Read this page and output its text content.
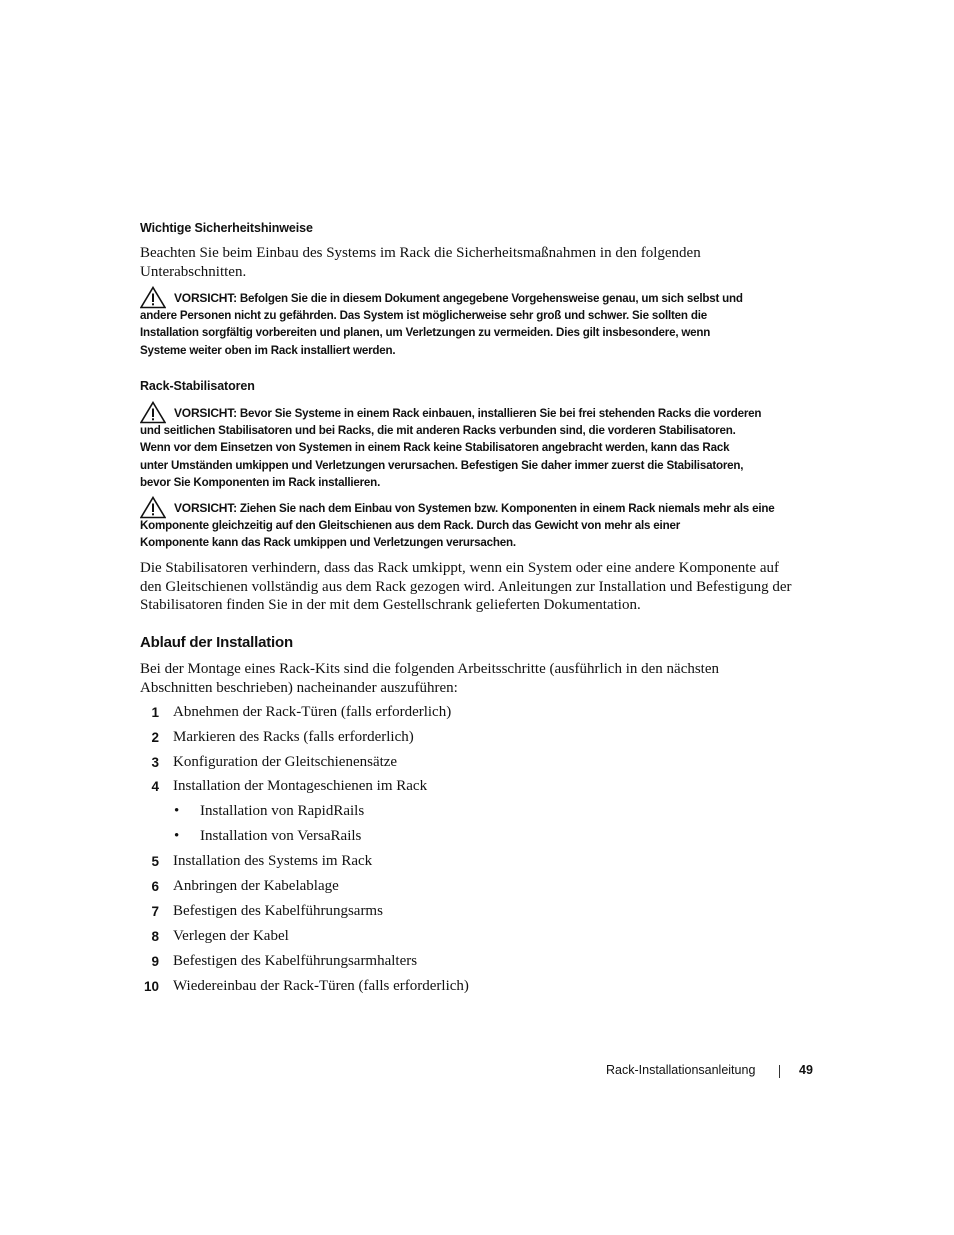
Wichtige Sicherheitshinweise
Beachten Sie beim Einbau des Systems im Rack die Sicherheitsmaßnahmen in den folgenden Unterabschnitten.
VORSICHT: Befolgen Sie die in diesem Dokument angegebene Vorgehensweise genau, um sich selbst und
andere Personen nicht zu gefährden. Das System ist möglicherweise sehr groß und schwer. Sie sollten die
Installation sorgfältig vorbereiten und planen, um Verletzungen zu vermeiden. Dies gilt insbesondere, wenn
Systeme weiter oben im Rack installiert werden.
Rack-Stabilisatoren
VORSICHT: Bevor Sie Systeme in einem Rack einbauen, installieren Sie bei frei stehenden Racks die vorderen
und seitlichen Stabilisatoren und bei Racks, die mit anderen Racks verbunden sind, die vorderen Stabilisatoren.
Wenn vor dem Einsetzen von Systemen in einem Rack keine Stabilisatoren angebracht werden, kann das Rack
unter Umständen umkippen und Verletzungen verursachen. Befestigen Sie daher immer zuerst die Stabilisatoren,
bevor Sie Komponenten im Rack installieren.
VORSICHT: Ziehen Sie nach dem Einbau von Systemen bzw. Komponenten in einem Rack niemals mehr als eine
Komponente gleichzeitig auf den Gleitschienen aus dem Rack. Durch das Gewicht von mehr als einer
Komponente kann das Rack umkippen und Verletzungen verursachen.
Die Stabilisatoren verhindern, dass das Rack umkippt, wenn ein System oder eine andere Komponente auf
den Gleitschienen vollständig aus dem Rack gezogen wird. Anleitungen zur Installation und Befestigung der
Stabilisatoren finden Sie in der mit dem Gestellschrank gelieferten Dokumentation.
Ablauf der Installation
Bei der Montage eines Rack-Kits sind die folgenden Arbeitsschritte (ausführlich in den nächsten
Abschnitten beschrieben) nacheinander auszuführen:
1 Abnehmen der Rack-Türen (falls erforderlich)
2 Markieren des Racks (falls erforderlich)
3 Konfiguration der Gleitschienensätze
4 Installation der Montageschienen im Rack
• Installation von RapidRails
• Installation von VersaRails
5 Installation des Systems im Rack
6 Anbringen der Kabelablage
7 Befestigen des Kabelführungsarms
8 Verlegen der Kabel
9 Befestigen des Kabelführungsarmhalters
10 Wiedereinbau der Rack-Türen (falls erforderlich)
Rack-Installationsanleitung	49
